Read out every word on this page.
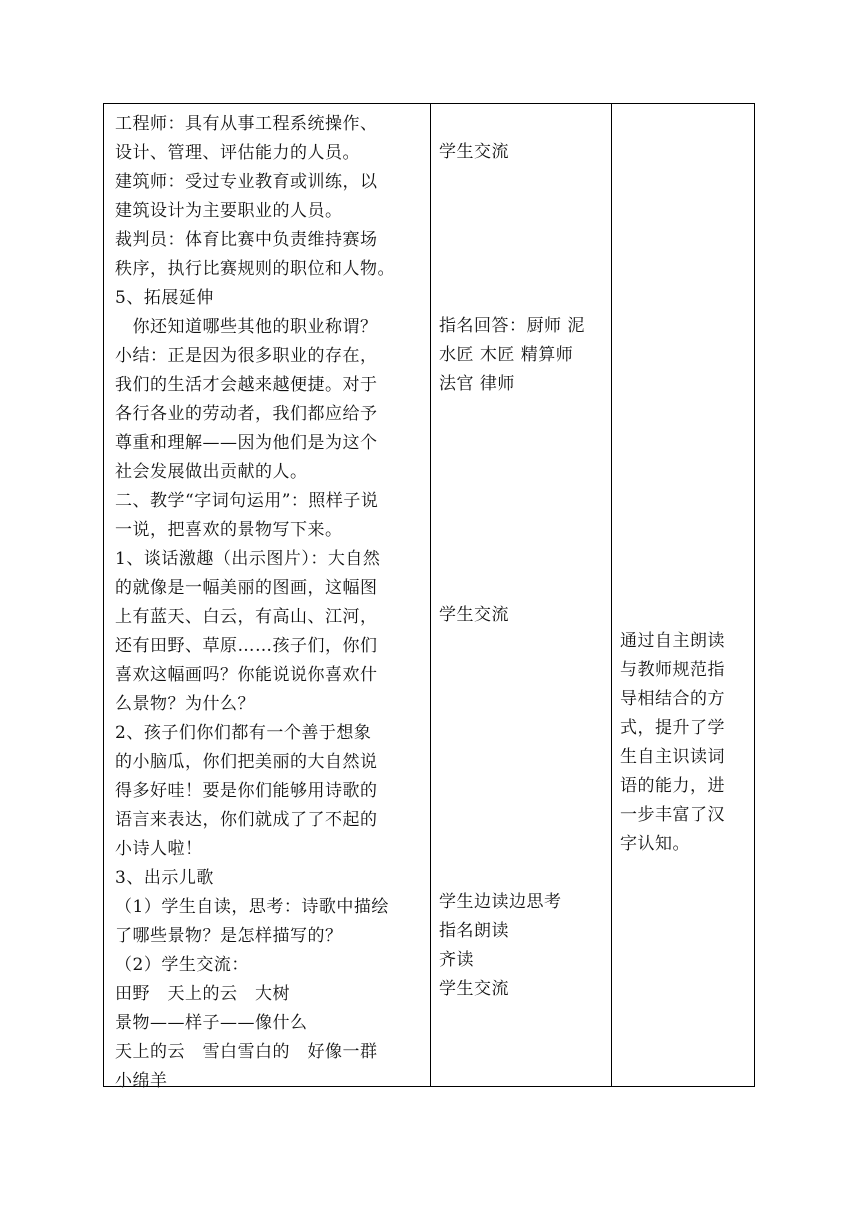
工程师：具有从事工程系统操作、
设计、管理、评估能力的人员。
建筑师：受过专业教育或训练，以
建筑设计为主要职业的人员。
裁判员：体育比赛中负责维持赛场
秩序，执行比赛规则的职位和人物。
5、拓展延伸
　你还知道哪些其他的职业称谓？
小结：正是因为很多职业的存在，
我们的生活才会越来越便捷。对于
各行各业的劳动者，我们都应给予
尊重和理解——因为他们是为这个
社会发展做出贡献的人。
二、教学“字词句运用”：照样子说
一说，把喜欢的景物写下来。
1、谈话激趣（出示图片）：大自然
的就像是一幅美丽的图画，这幅图
上有蓝天、白云，有高山、江河，
还有田野、草原……孩子们，你们
喜欢这幅画吗？你能说说你喜欢什
么景物？为什么？
2、孩子们你们都有一个善于想象
的小脑瓜，你们把美丽的大自然说
得多好哇！要是你们能够用诗歌的
语言来表达，你们就成了了不起的
小诗人啦！
3、出示儿歌
（1）学生自读，思考：诗歌中描绘
了哪些景物？是怎样描写的？
（2）学生交流：
田野　天上的云　大树
景物——样子——像什么
天上的云　雪白雪白的　好像一群
小绵羊
学生交流
指名回答：厨师 泥
水匠 木匠 精算师
法官 律师
学生交流
学生边读边思考
指名朗读
齐读
学生交流
通过自主朗读
与教师规范指
导相结合的方
式，提升了学
生自主识读词
语的能力，进
一步丰富了汉
字认知。
